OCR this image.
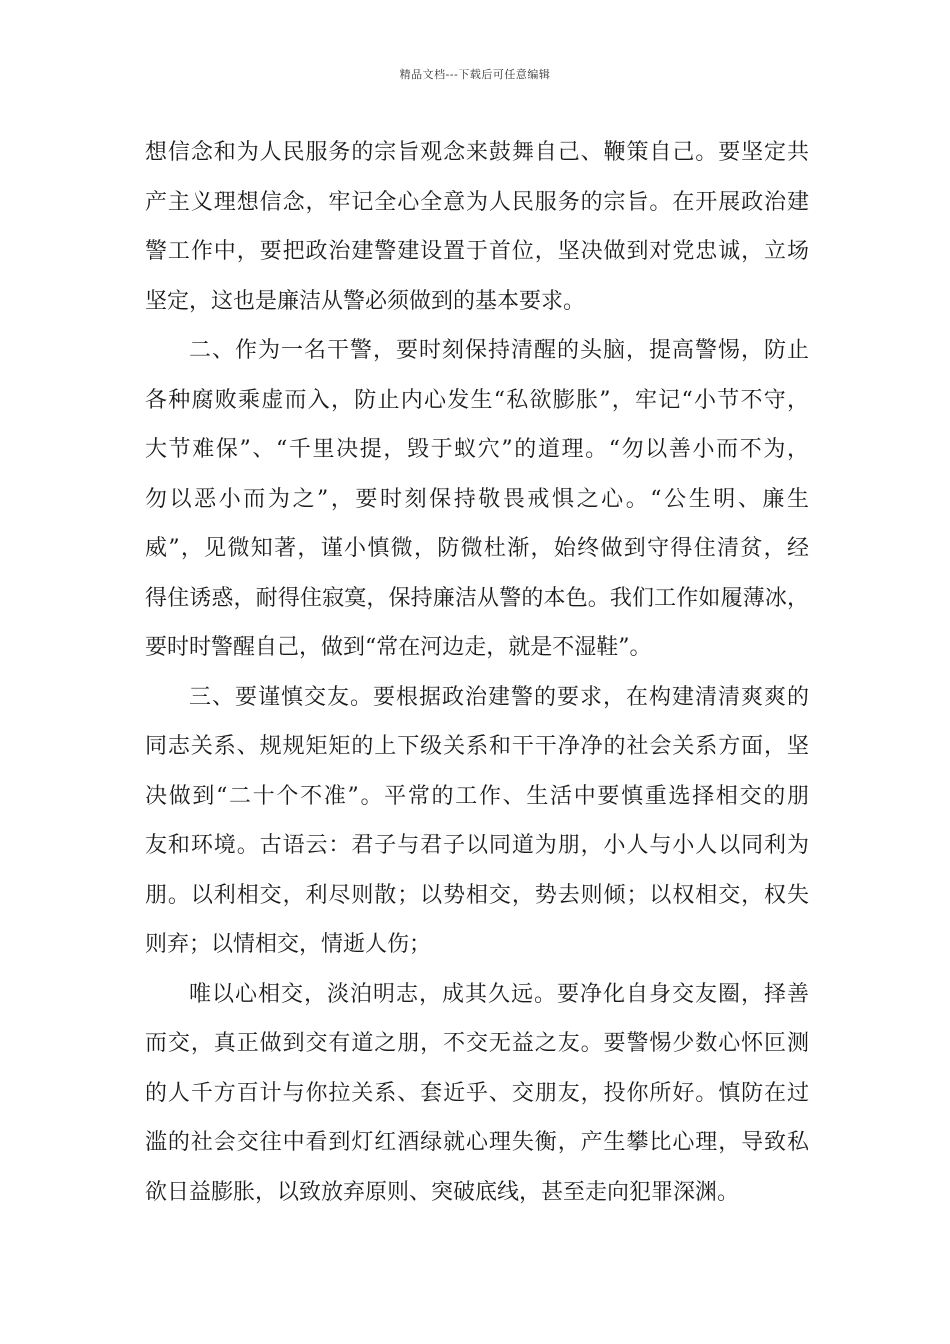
精品文档---下载后可任意编辑
想信念和为人民服务的宗旨观念来鼓舞自己、鞭策自己。要坚定共
产主义理想信念，牢记全心全意为人民服务的宗旨。在开展政治建
警工作中，要把政治建警建设置于首位，坚决做到对党忠诚，立场
坚定，这也是廉洁从警必须做到的基本要求。
二、作为一名干警，要时刻保持清醒的头脑，提高警惕，防止
各种腐败乘虚而入，防止内心发生“私欲膨胀”，牢记“小节不守，
大节难保”、“千里决提，毁于蚁穴”的道理。“勿以善小而不为，
勿以恶小而为之”，要时刻保持敬畏戒惧之心。“公生明、廉生
威”，见微知著，谨小慎微，防微杜渐，始终做到守得住清贫，经
得住诱惑，耐得住寂寞，保持廉洁从警的本色。我们工作如履薄冰，
要时时警醒自己，做到“常在河边走，就是不湿鞋”。
三、要谨慎交友。要根据政治建警的要求，在构建清清爽爽的
同志关系、规规矩矩的上下级关系和干干净净的社会关系方面，坚
决做到“二十个不准”。平常的工作、生活中要慎重选择相交的朋
友和环境。古语云：君子与君子以同道为朋，小人与小人以同利为
朋。以利相交，利尽则散；以势相交，势去则倾；以权相交，权失
则弃；以情相交，情逝人伤；
唯以心相交，淡泊明志，成其久远。要净化自身交友圈，择善
而交，真正做到交有道之朋，不交无益之友。要警惕少数心怀叵测
的人千方百计与你拉关系、套近乎、交朋友，投你所好。慎防在过
滥的社会交往中看到灯红酒绿就心理失衡，产生攀比心理，导致私
欲日益膨胀，以致放弃原则、突破底线，甚至走向犯罪深渊。
